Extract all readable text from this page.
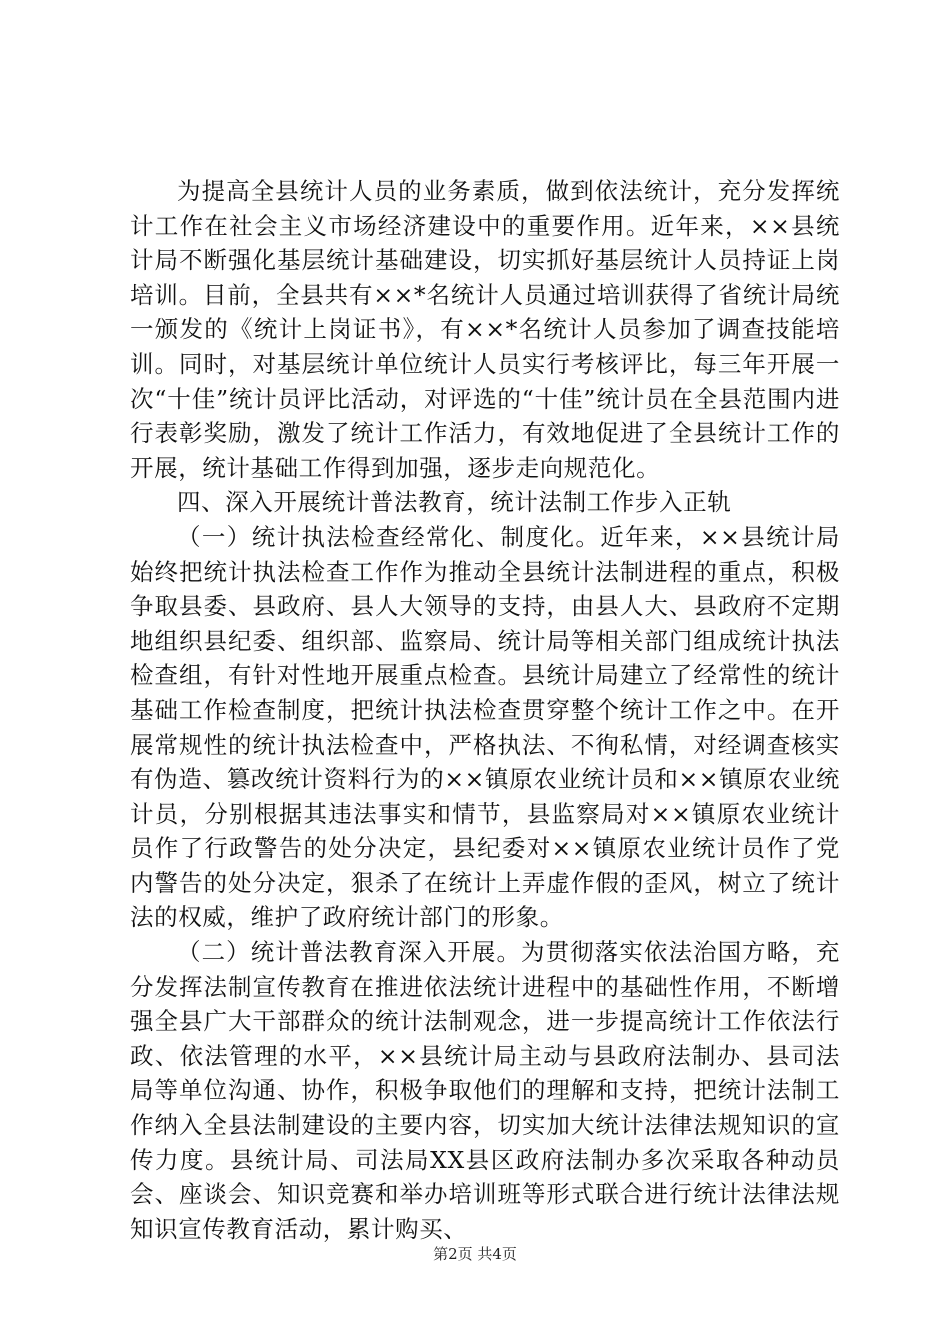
为提高全县统计人员的业务素质，做到依法统计，充分发挥统计工作在社会主义市场经济建设中的重要作用。近年来，××县统计局不断强化基层统计基础建设，切实抓好基层统计人员持证上岗培训。目前，全县共有××*名统计人员通过培训获得了省统计局统一颁发的《统计上岗证书》，有××*名统计人员参加了调查技能培训。同时，对基层统计单位统计人员实行考核评比，每三年开展一次“十佳”统计员评比活动，对评选的“十佳”统计员在全县范围内进行表彰奖励，激发了统计工作活力，有效地促进了全县统计工作的开展，统计基础工作得到加强，逐步走向规范化。

四、深入开展统计普法教育，统计法制工作步入正轨

（一）统计执法检查经常化、制度化。近年来，××县统计局始终把统计执法检查工作作为推动全县统计法制进程的重点，积极争取县委、县政府、县人大领导的支持，由县人大、县政府不定期地组织县纪委、组织部、监察局、统计局等相关部门组成统计执法检查组，有针对性地开展重点检查。县统计局建立了经常性的统计基础工作检查制度，把统计执法检查贯穿整个统计工作之中。在开展常规性的统计执法检查中，严格执法、不徇私情，对经调查核实有伪造、篡改统计资料行为的××镇原农业统计员和××镇原农业统计员，分别根据其违法事实和情节，县监察局对××镇原农业统计员作了行政警告的处分决定，县纪委对××镇原农业统计员作了党内警告的处分决定，狠杀了在统计上弄虚作假的歪风，树立了统计法的权威，维护了政府统计部门的形象。

（二）统计普法教育深入开展。为贯彻落实依法治国方略，充分发挥法制宣传教育在推进依法统计进程中的基础性作用，不断增强全县广大干部群众的统计法制观念，进一步提高统计工作依法行政、依法管理的水平，××县统计局主动与县政府法制办、县司法局等单位沟通、协作，积极争取他们的理解和支持，把统计法制工作纳入全县法制建设的主要内容，切实加大统计法律法规知识的宣传力度。县统计局、司法局XX县区政府法制办多次采取各种动员会、座谈会、知识竞赛和举办培训班等形式联合进行统计法律法规知识宣传教育活动，累计购买、

第2页 共4页
